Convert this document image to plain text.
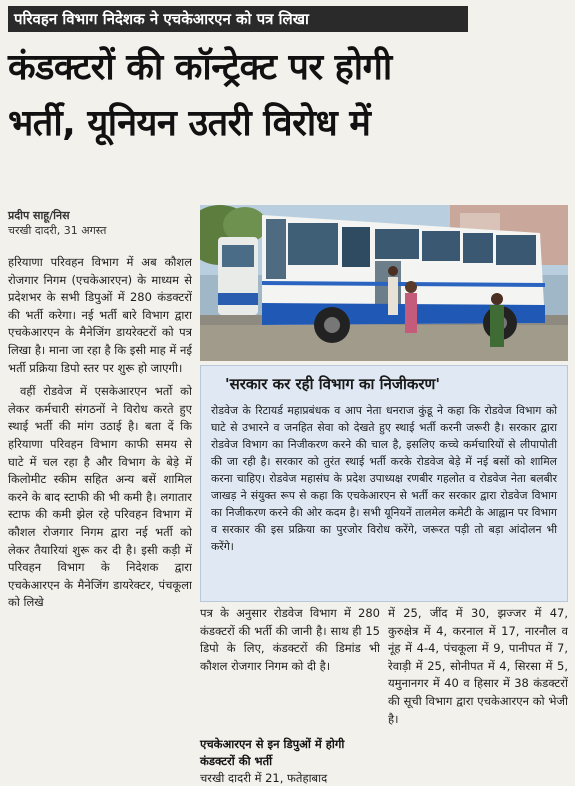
परिवहन विभाग निदेशक ने एचकेआरएन को पत्र लिखा
कंडक्टरों की कॉन्ट्रेक्ट पर होगी
भर्ती, यूनियन उतरी विरोध में
प्रदीप साहू/निस
चरखी दादरी, 31 अगस्त

हरियाणा परिवहन विभाग में अब कौशल रोजगार निगम (एचकेआरएन) के माध्यम से प्रदेशभर के सभी डिपुओं में 280 कंडक्टरों की भर्ती करेगा। नई भर्ती बारे विभाग द्वारा एचकेआरएन के मैनेजिंग डायरेक्टरों को पत्र लिखा है। माना जा रहा है कि इसी माह में नई भर्ती प्रक्रिया डिपो स्तर पर शुरू हो जाएगी।

वहीं रोडवेज में एसकेआरएन भर्तो को लेकर कर्मचारी संगठनों ने विरोध करते हुए स्थाई भर्ती की मांग उठाई है। बता दें कि हरियाणा परिवहन विभाग काफी समय से घाटे में चल रहा है और विभाग के बेड़े में किलोमीट स्कीम सहित अन्य बसें शामिल करने के बाद स्टाफी की भी कमी है। लगातार स्टाफ की कमी झेल रहे परिवहन विभाग में कौशल रोजगार निगम द्वारा नई भर्ती को लेकर तैयारियां शुरू कर दी है। इसी कड़ी में परिवहन विभाग के निदेशक द्वारा एचकेआरएन के मैनेजिंग डायरेक्टर, पंचकूला को लिखे

'सरकार कर रही विभाग का निजीकरण'
रोडवेज के रिटायर्ड महाप्रबंधक व आप नेता धनराज कुंडू ने कहा कि रोडवेज विभाग को घाटे से उभारने व जनहित सेवा को देखते हुए स्थाई भर्ती करनी जरूरी है। सरकार द्वारा रोडवेज विभाग का निजीकरण करने की चाल है, इसलिए कच्चे कर्मचारियों से लीपापोती की जा रही है। सरकार को तुरंत स्थाई भर्ती करके रोडवेज बेड़े में नई बसों को शामिल करना चाहिए। रोडवेज महासंघ के प्रदेश उपाध्यक्ष रणबीर गहलोत व रोडवेज नेता बलबीर जाखड़ ने संयुक्त रूप से कहा कि एचकेआरएन से भर्ती कर सरकार द्वारा रोडवेज विभाग का निजीकरण करने की ओर कदम है। सभी यूनियनें तालमेल कमेटी के आह्वान पर विभाग व सरकार की इस प्रक्रिया का पुरजोर विरोध करेंगे, जरूरत पड़ी तो बड़ा आंदोलन भी करेंगे।

पत्र के अनुसार रोडवेज विभाग में 280 कंडक्टरों की भर्ती की जानी है। साथ ही 15 डिपो के लिए, कंडक्टरों की डिमांड भी कौशल रोजगार निगम को दी है।

एचकेआरएन से इन डिपुओं में होगी कंडक्टरों की भर्ती

चरखी दादरी में 21, फतेहाबाद

में 25, जींद में 30, झज्जर में 47, कुरुक्षेत्र में 4, करनाल में 17, नारनौल व नूंह में 4-4, पंचकूला में 9, पानीपत में 7, रेवाड़ी में 25, सोनीपत में 4, सिरसा में 5, यमुनानगर में 40 व हिसार में 38 कंडक्टरों की सूची विभाग द्वारा एचकेआरएन को भेजी है।
